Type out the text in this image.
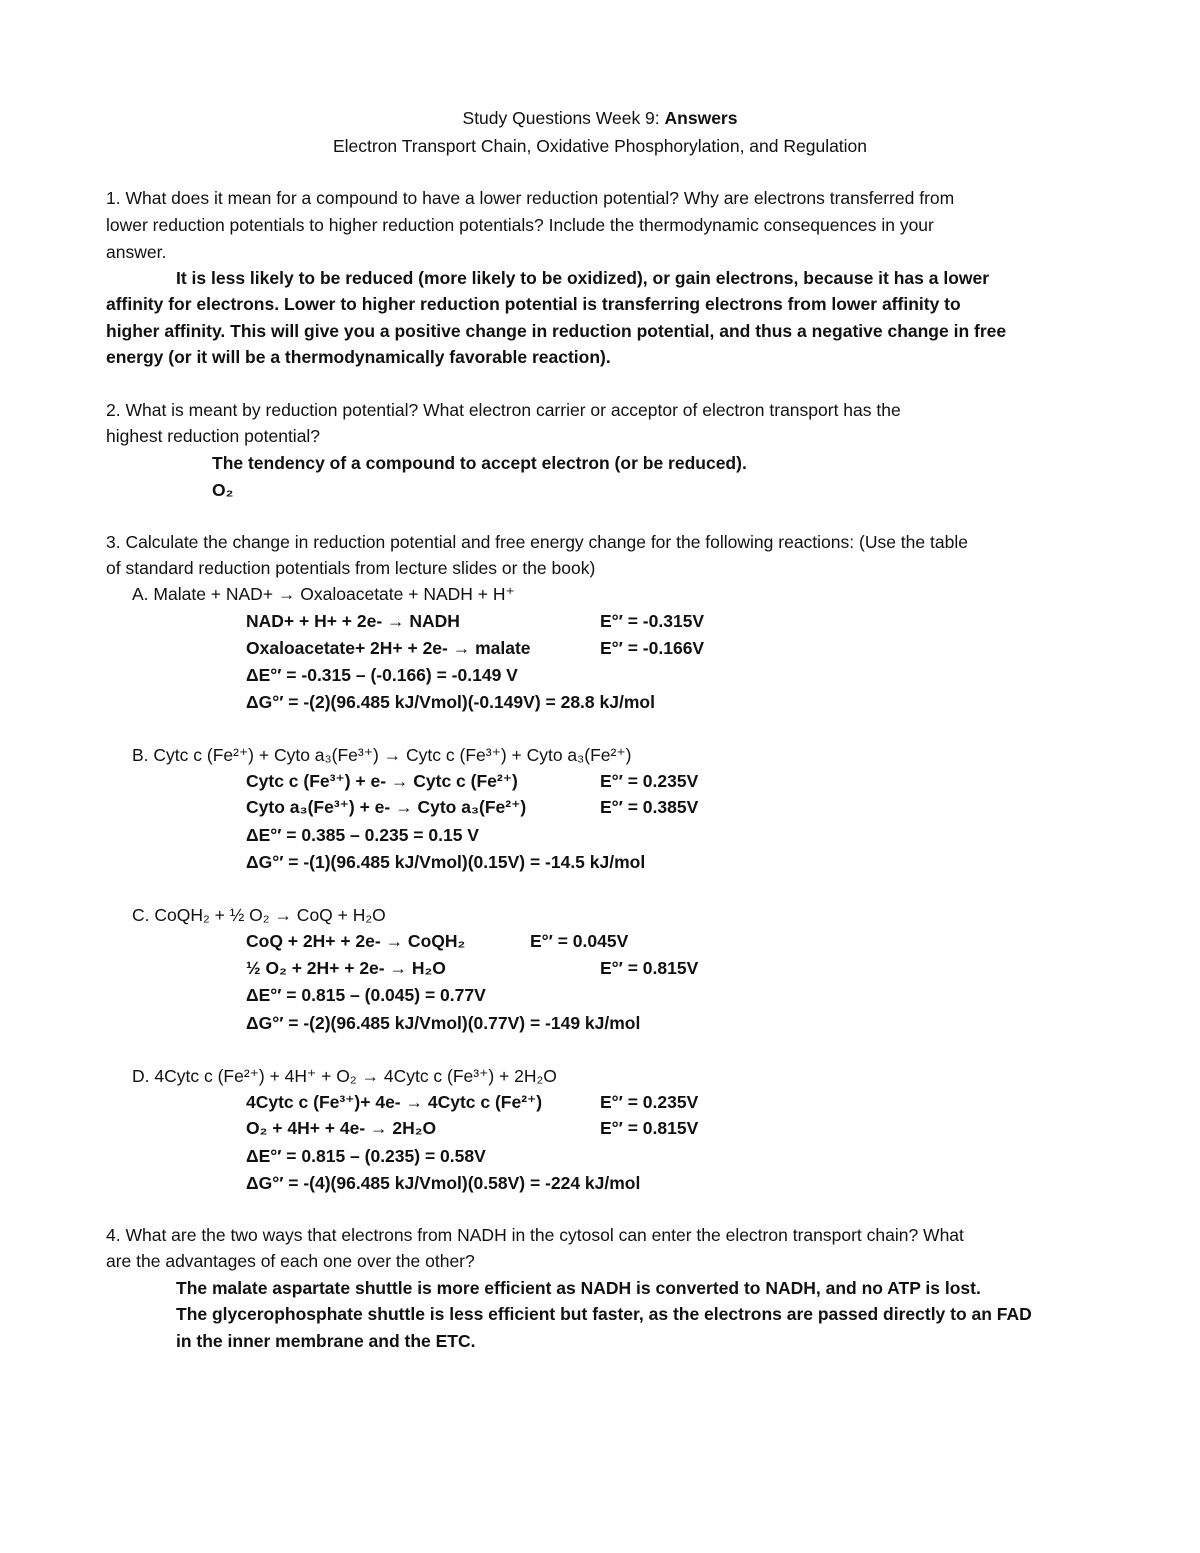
Study Questions Week 9: Answers
Electron Transport Chain, Oxidative Phosphorylation, and Regulation
1. What does it mean for a compound to have a lower reduction potential? Why are electrons transferred from
lower reduction potentials to higher reduction potentials? Include the thermodynamic consequences in your
answer.
It is less likely to be reduced (more likely to be oxidized), or gain electrons, because it has a lower
affinity for electrons. Lower to higher reduction potential is transferring electrons from lower affinity to
higher affinity. This will give you a positive change in reduction potential, and thus a negative change in free
energy (or it will be a thermodynamically favorable reaction).
2. What is meant by reduction potential? What electron carrier or acceptor of electron transport has the
highest reduction potential?
The tendency of a compound to accept electron (or be reduced).
O₂
3. Calculate the change in reduction potential and free energy change for the following reactions: (Use the table
of standard reduction potentials from lecture slides or the book)
A. Malate + NAD+ → Oxaloacetate + NADH + H⁺
NAD+ + H+ + 2e- → NADH	E°′ = -0.315V
Oxaloacetate+ 2H+ + 2e- → malate	E°′ = -0.166V
ΔE°′ = -0.315 – (-0.166) = -0.149 V
ΔG°′ = -(2)(96.485 kJ/Vmol)(-0.149V) = 28.8 kJ/mol
B. Cytc c (Fe²⁺) + Cyto a₃(Fe³⁺) → Cytc c (Fe³⁺) + Cyto a₃(Fe²⁺)
Cytc c (Fe³⁺) + e- → Cytc c (Fe²⁺)	E°′ = 0.235V
Cyto a₃(Fe³⁺) + e- → Cyto a₃(Fe²⁺)	E°′ = 0.385V
ΔE°′ = 0.385 – 0.235 = 0.15 V
ΔG°′ = -(1)(96.485 kJ/Vmol)(0.15V) = -14.5 kJ/mol
C. CoQH₂ + ½ O₂ → CoQ + H₂O
CoQ + 2H+ + 2e- → CoQH₂	E°′ = 0.045V
½ O₂ + 2H+ + 2e- → H₂O	E°′ = 0.815V
ΔE°′ = 0.815 – (0.045) = 0.77V
ΔG°′ = -(2)(96.485 kJ/Vmol)(0.77V) = -149 kJ/mol
D. 4Cytc c (Fe²⁺) + 4H⁺ + O₂ → 4Cytc c (Fe³⁺) + 2H₂O
4Cytc c (Fe³⁺)+ 4e- → 4Cytc c (Fe²⁺)	E°′ = 0.235V
O₂ + 4H+ + 4e- → 2H₂O	E°′ = 0.815V
ΔE°′ = 0.815 – (0.235) = 0.58V
ΔG°′ = -(4)(96.485 kJ/Vmol)(0.58V) = -224 kJ/mol
4. What are the two ways that electrons from NADH in the cytosol can enter the electron transport chain? What
are the advantages of each one over the other?
The malate aspartate shuttle is more efficient as NADH is converted to NADH, and no ATP is lost.
The glycerophosphate shuttle is less efficient but faster, as the electrons are passed directly to an FAD
in the inner membrane and the ETC.
